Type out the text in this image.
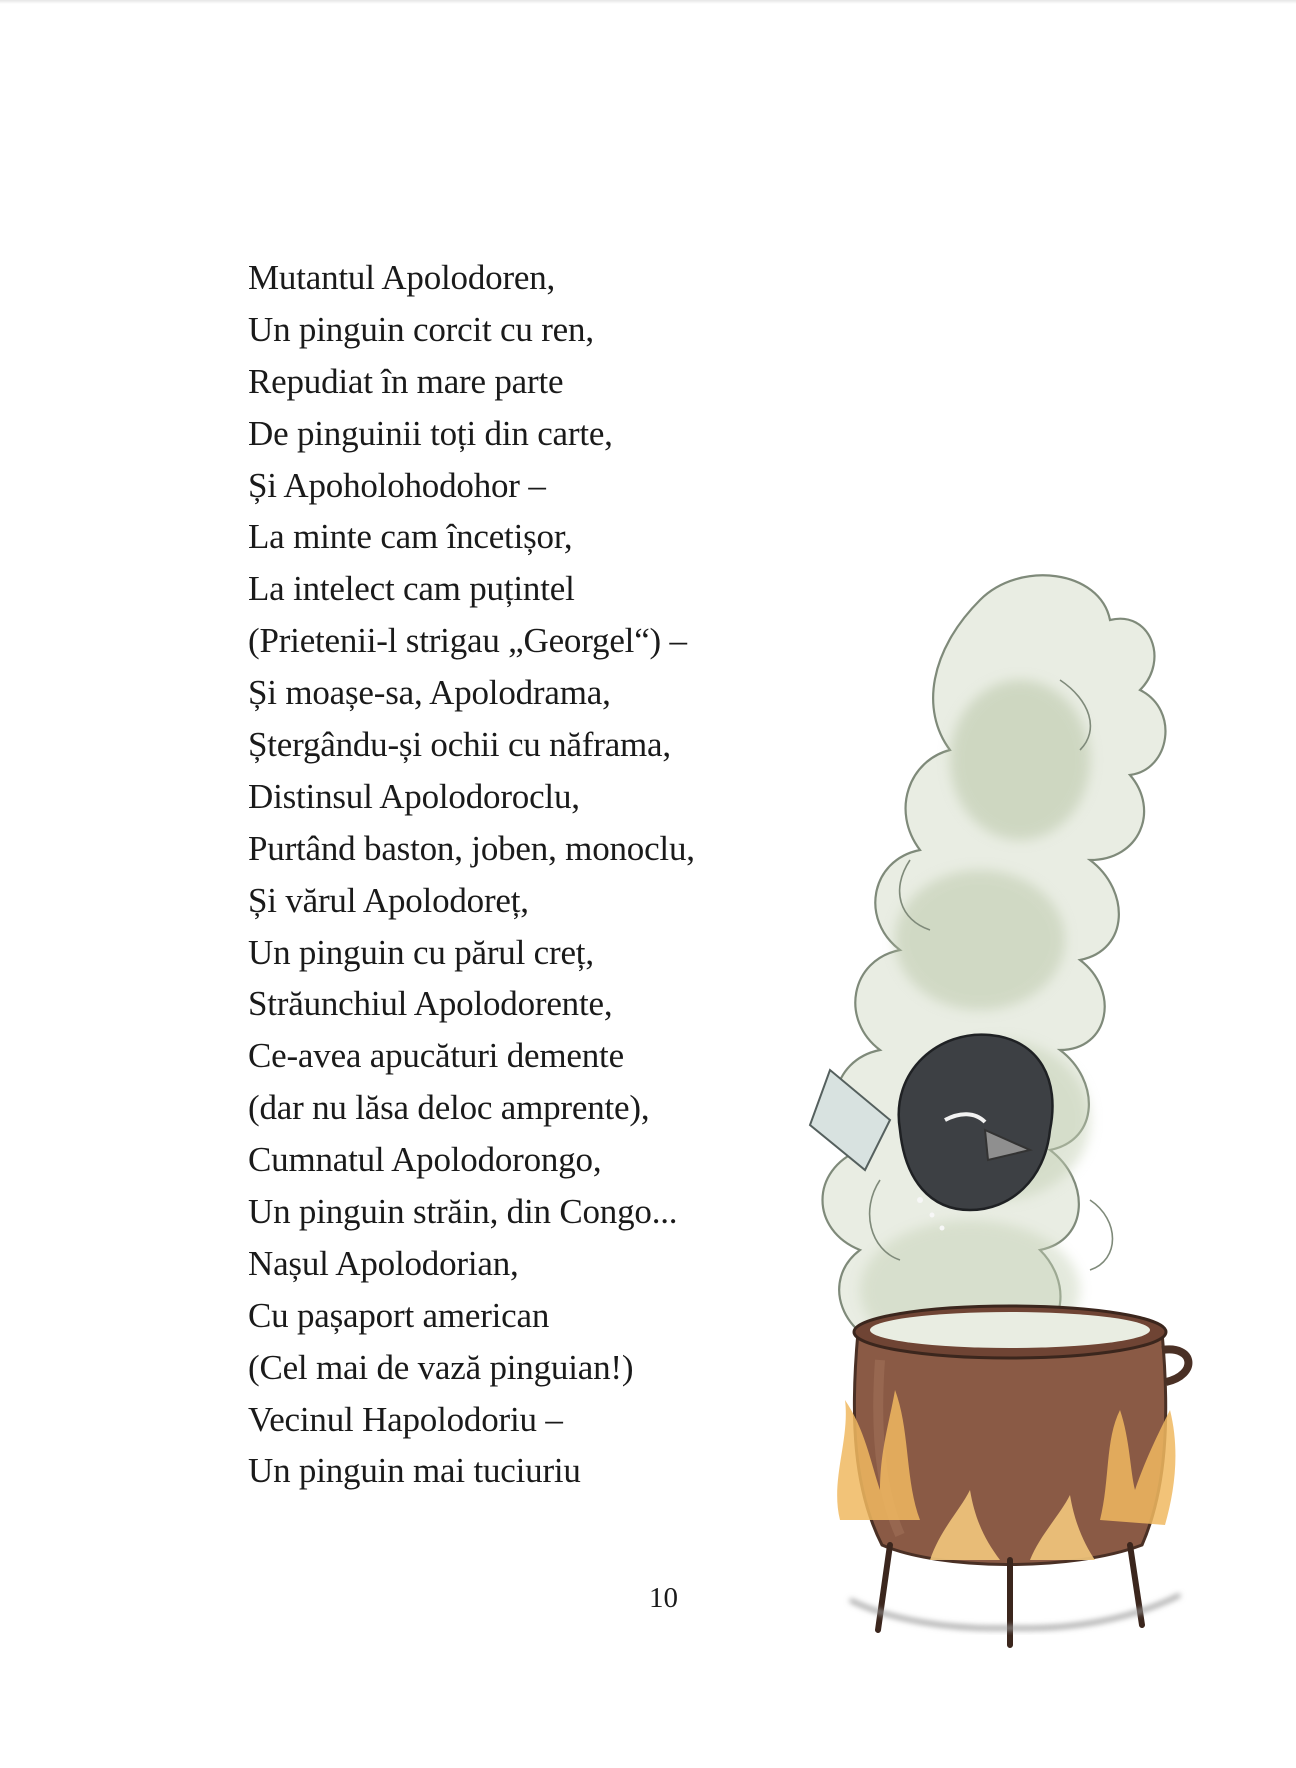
Mutantul Apolodoren,
Un pinguin corcit cu ren,
Repudiat în mare parte
De pinguinii toți din carte,
Și Apoholohodohor –
La minte cam încetișor,
La intelect cam puțintel
(Prietenii-l strigau „Georgel“) –
Și moașe-sa, Apolodrama,
Ștergându-și ochii cu năframa,
Distinsul Apolodoroclu,
Purtând baston, joben, monoclu,
Și vărul Apolodoreț,
Un pinguin cu părul creț,
Străunchiul Apolodorente,
Ce-avea apucături demente
(dar nu lăsa deloc amprente),
Cumnatul Apolodorongo,
Un pinguin străin, din Congo...
Nașul Apolodorian,
Cu pașaport american
(Cel mai de vază pinguian!)
Vecinul Hapolodoriu –
Un pinguin mai tuciuriu
10
